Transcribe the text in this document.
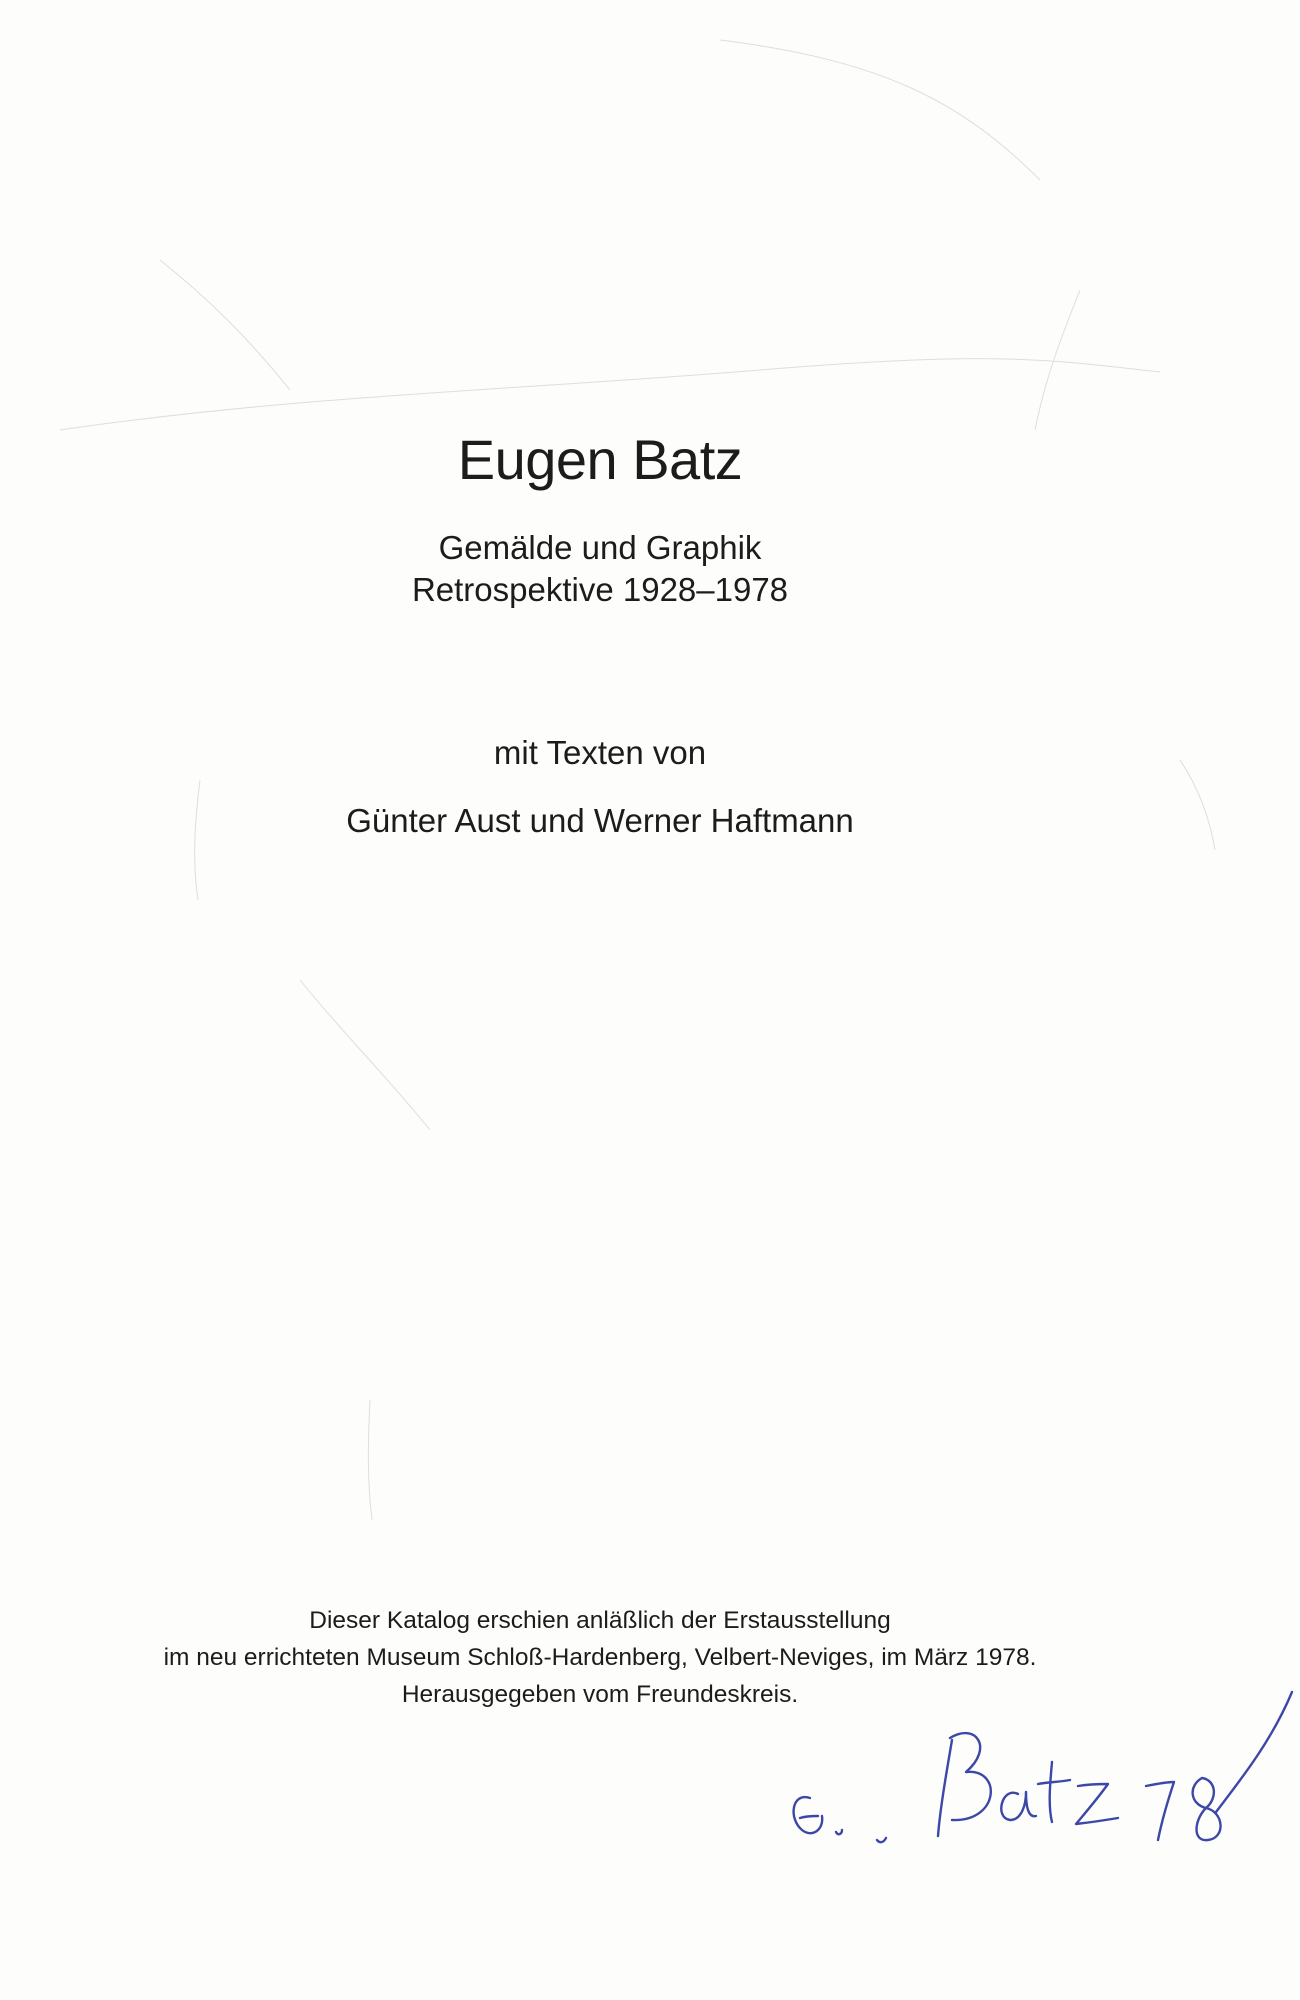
Eugen Batz
Gemälde und Graphik
Retrospektive 1928–1978
mit Texten von
Günter Aust und Werner Haftmann
Dieser Katalog erschien anläßlich der Erstausstellung
im neu errichteten Museum Schloß-Hardenberg, Velbert-Neviges, im März 1978.
Herausgegeben vom Freundeskreis.
